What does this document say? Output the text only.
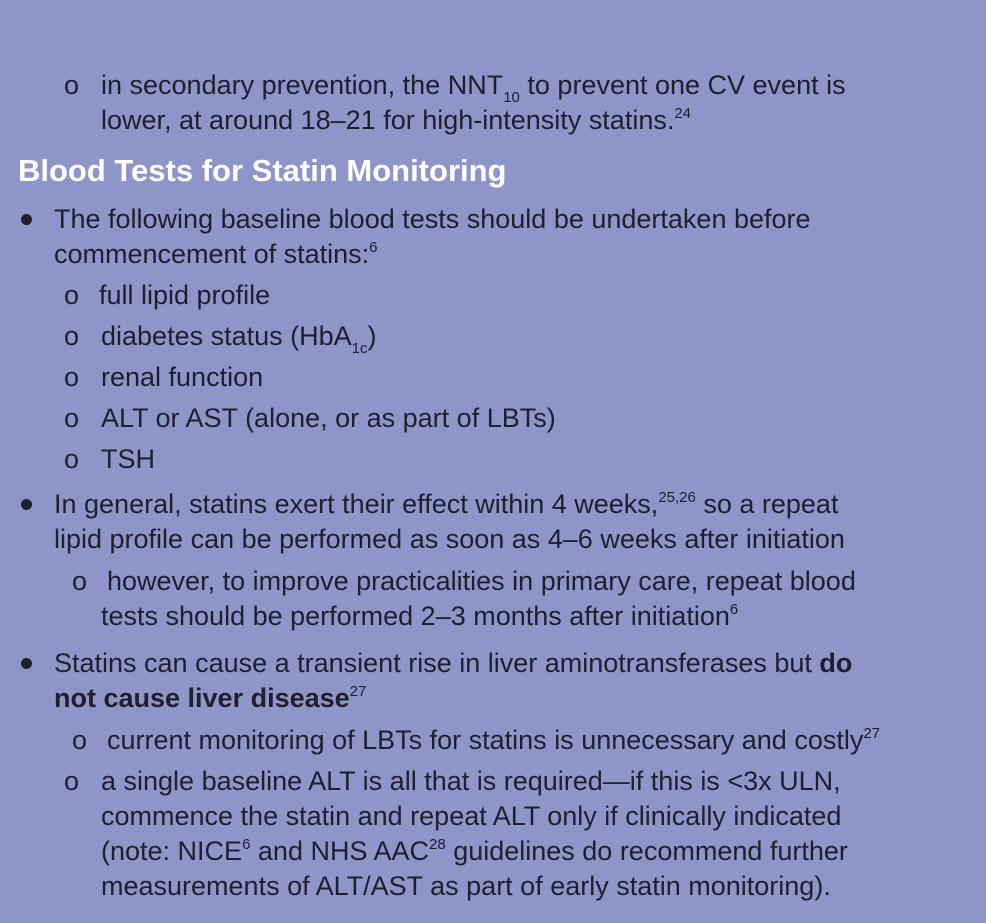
o
o
o
o
o
o
o
o
o
in secondary prevention, the $NNT_{10}$ to prevent one CV event is
lower, at around 18–21 for high-intensity statins.$^{24}$
Blood Tests for Statin Monitoring
The following baseline blood tests should be undertaken before
commencement of statins:$^6$
full lipid profile
diabetes status (HbA$_{1c}$)
renal function
ALT or AST (alone, or as part of LBTs)
TSH
In general, statins exert their effect within 4 weeks,$^{25,26}$ so a repeat
lipid profile can be performed as soon as 4–6 weeks after initiation
however, to improve practicalities in primary care, repeat blood
tests should be performed 2–3 months after initiation$^6$
Statins can cause a transient rise in liver aminotransferases but do
not cause liver disease$^{27}$
current monitoring of LBTs for statins is unnecessary and costly$^{27}$
a single baseline ALT is all that is required—if this is <3x ULN,
commence the statin and repeat ALT only if clinically indicated
(note: NICE$^6$ and NHS AAC$^{28}$ guidelines do recommend further
measurements of ALT/AST as part of early statin monitoring).
